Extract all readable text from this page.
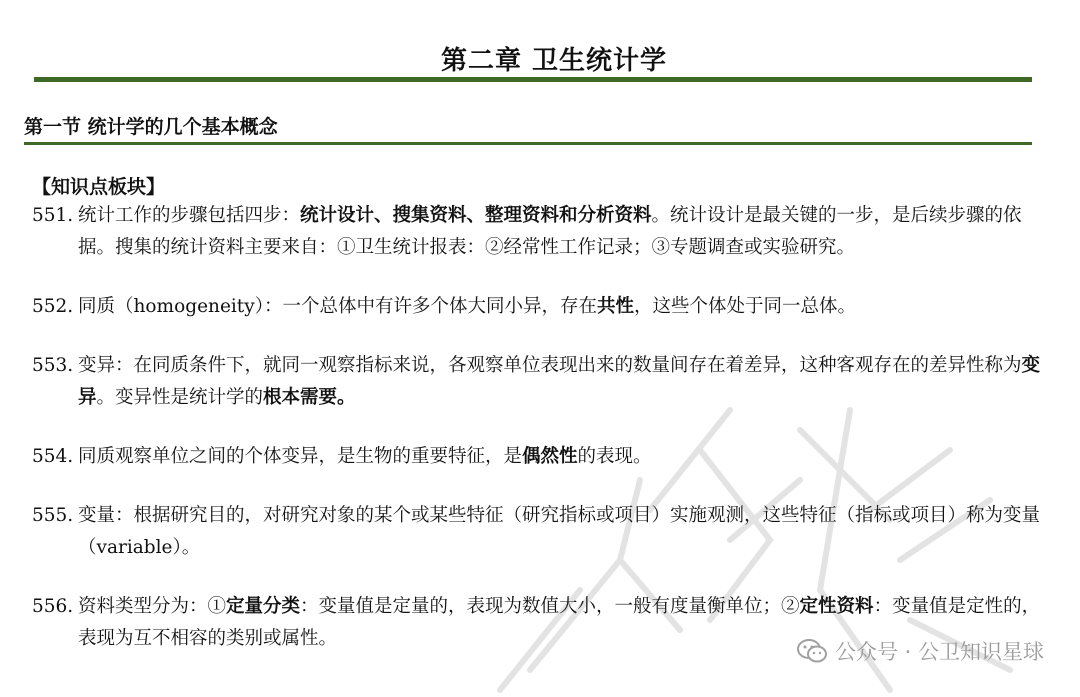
第二章 卫生统计学
第一节 统计学的几个基本概念
【知识点板块】
551. 统计工作的步骤包括四步：统计设计、搜集资料、整理资料和分析资料。统计设计是最关键的一步，是后续步骤的依据。搜集的统计资料主要来自：①卫生统计报表：②经常性工作记录；③专题调查或实验研究。
552. 同质（homogeneity）：一个总体中有许多个体大同小异，存在共性，这些个体处于同一总体。
553. 变异：在同质条件下，就同一观察指标来说，各观察单位表现出来的数量间存在着差异，这种客观存在的差异性称为变异。变异性是统计学的根本需要。
554. 同质观察单位之间的个体变异，是生物的重要特征，是偶然性的表现。
555. 变量：根据研究目的，对研究对象的某个或某些特征（研究指标或项目）实施观测，这些特征（指标或项目）称为变量（variable）。
556. 资料类型分为：①定量分类：变量值是定量的，表现为数值大小，一般有度量衡单位；②定性资料：变量值是定性的，表现为互不相容的类别或属性。
公众号 · 公卫知识星球
